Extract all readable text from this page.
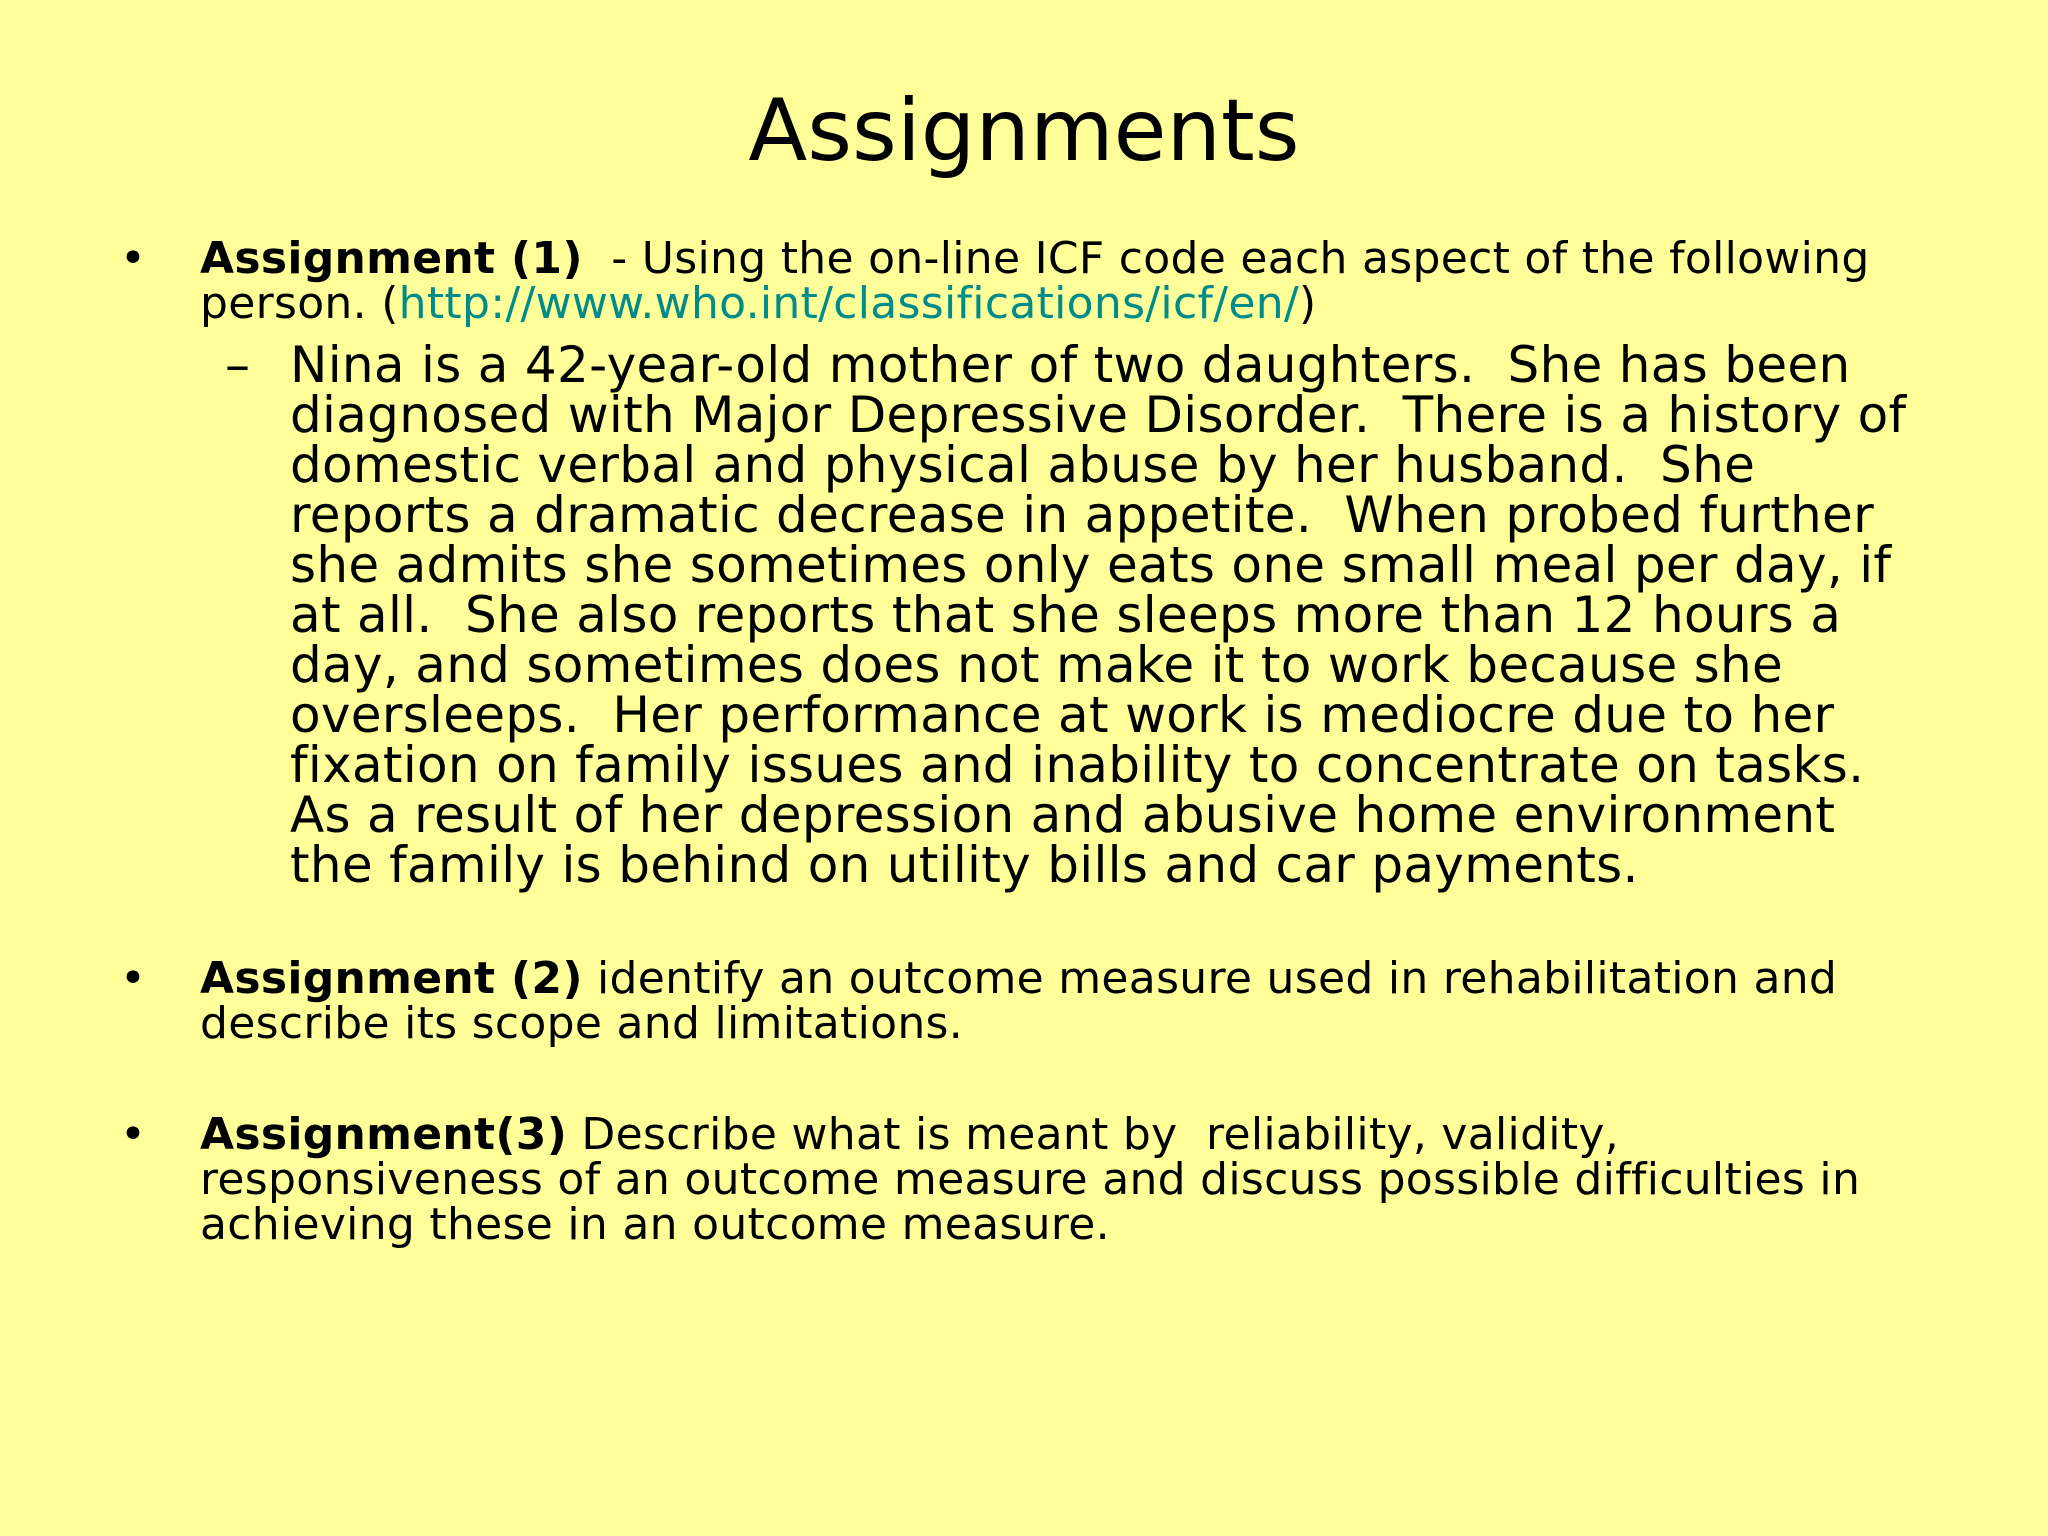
Assignments
•	Assignment (1)  - Using the on-line ICF code each aspect of the following person. (http://www.who.int/classifications/icf/en/)
– Nina is a 42-year-old mother of two daughters.  She has been diagnosed with Major Depressive Disorder.  There is a history of domestic verbal and physical abuse by her husband.  She reports a dramatic decrease in appetite.  When probed further she admits she sometimes only eats one small meal per day, if at all.  She also reports that she sleeps more than 12 hours a day, and sometimes does not make it to work because she oversleeps.  Her performance at work is mediocre due to her fixation on family issues and inability to concentrate on tasks.  As a result of her depression and abusive home environment the family is behind on utility bills and car payments.
•	Assignment (2) identify an outcome measure used in rehabilitation and describe its scope and limitations.
•	Assignment(3) Describe what is meant by  reliability, validity, responsiveness of an outcome measure and discuss possible difficulties in achieving these in an outcome measure.
